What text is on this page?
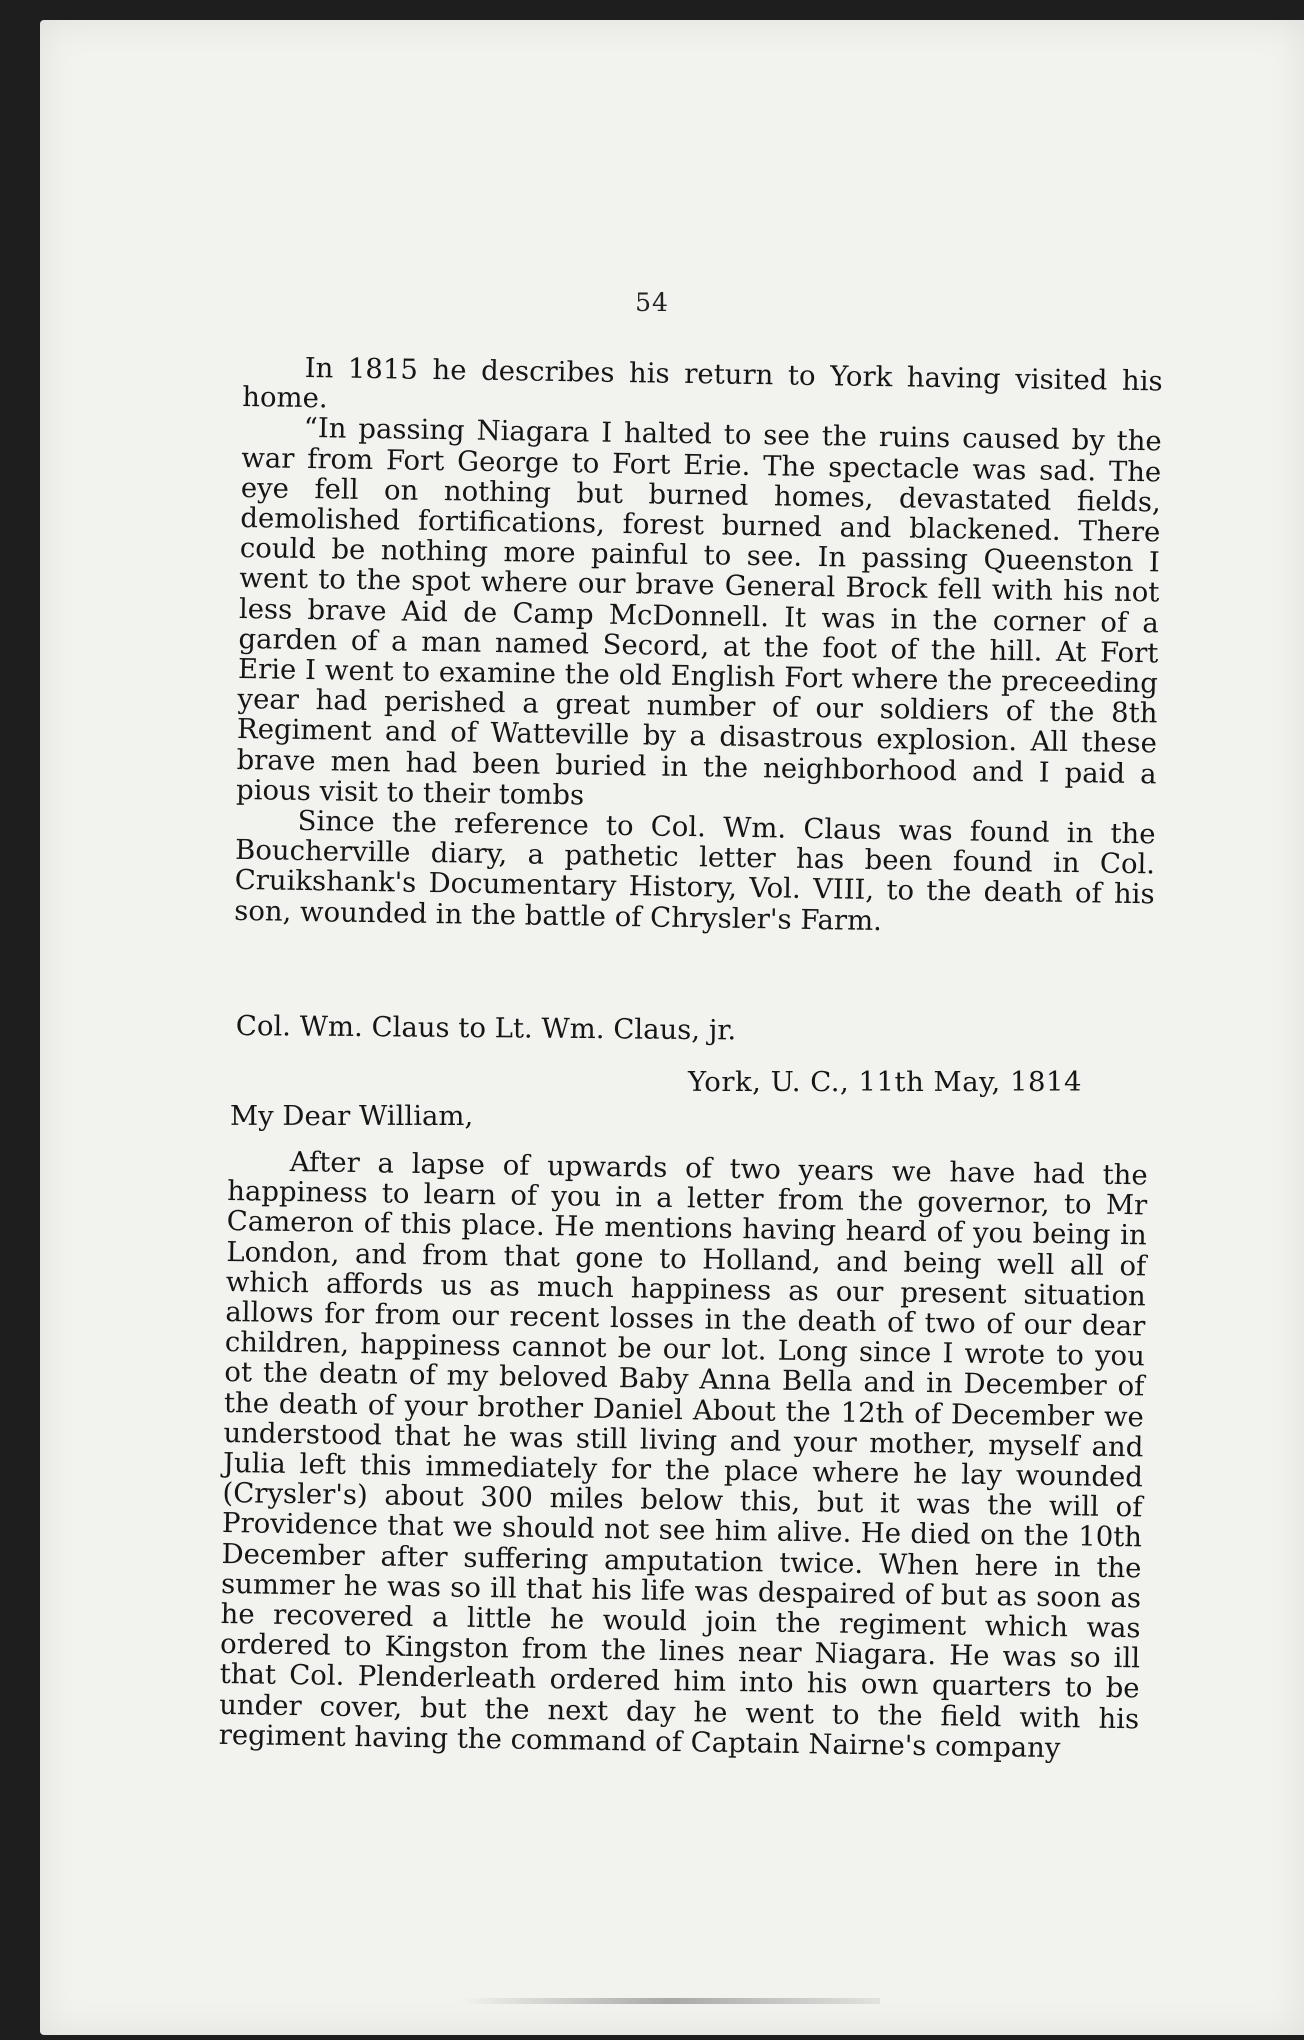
54

In 1815 he describes his return to York having visited his home.

“In passing Niagara I halted to see the ruins caused by the war from Fort George to Fort Erie. The spectacle was sad. The eye fell on nothing but burned homes, devastated fields, demolished fortifications, forest burned and blackened. There could be nothing more painful to see. In passing Queenston I went to the spot where our brave General Brock fell with his not less brave Aid de Camp McDonnell. It was in the corner of a garden of a man named Secord, at the foot of the hill. At Fort Erie I went to examine the old English Fort where the preceeding year had perished a great number of our soldiers of the 8th Regiment and of Watteville by a disastrous explosion. All these brave men had been buried in the neighborhood and I paid a pious visit to their tombs

Since the reference to Col. Wm. Claus was found in the Boucherville diary, a pathetic letter has been found in Col. Cruikshank's Documentary History, Vol. VIII, to the death of his son, wounded in the battle of Chrysler's Farm.

Col. Wm. Claus to Lt. Wm. Claus, jr.
York, U. C., 11th May, 1814
My Dear William,

After a lapse of upwards of two years we have had the happiness to learn of you in a letter from the governor, to Mr Cameron of this place. He mentions having heard of you being in London, and from that gone to Holland, and being well all of which affords us as much happiness as our present situation allows for from our recent losses in the death of two of our dear children, happiness cannot be our lot. Long since I wrote to you ot the deatn of my beloved Baby Anna Bella and in December of the death of your brother Daniel About the 12th of December we understood that he was still living and your mother, myself and Julia left this immediately for the place where he lay wounded (Crysler's) about 300 miles below this, but it was the will of Providence that we should not see him alive. He died on the 10th December after suffering amputation twice. When here in the summer he was so ill that his life was despaired of but as soon as he recovered a little he would join the regiment which was ordered to Kingston from the lines near Niagara. He was so ill that Col. Plenderleath ordered him into his own quarters to be under cover, but the next day he went to the field with his regiment having the command of Captain Nairne's company
